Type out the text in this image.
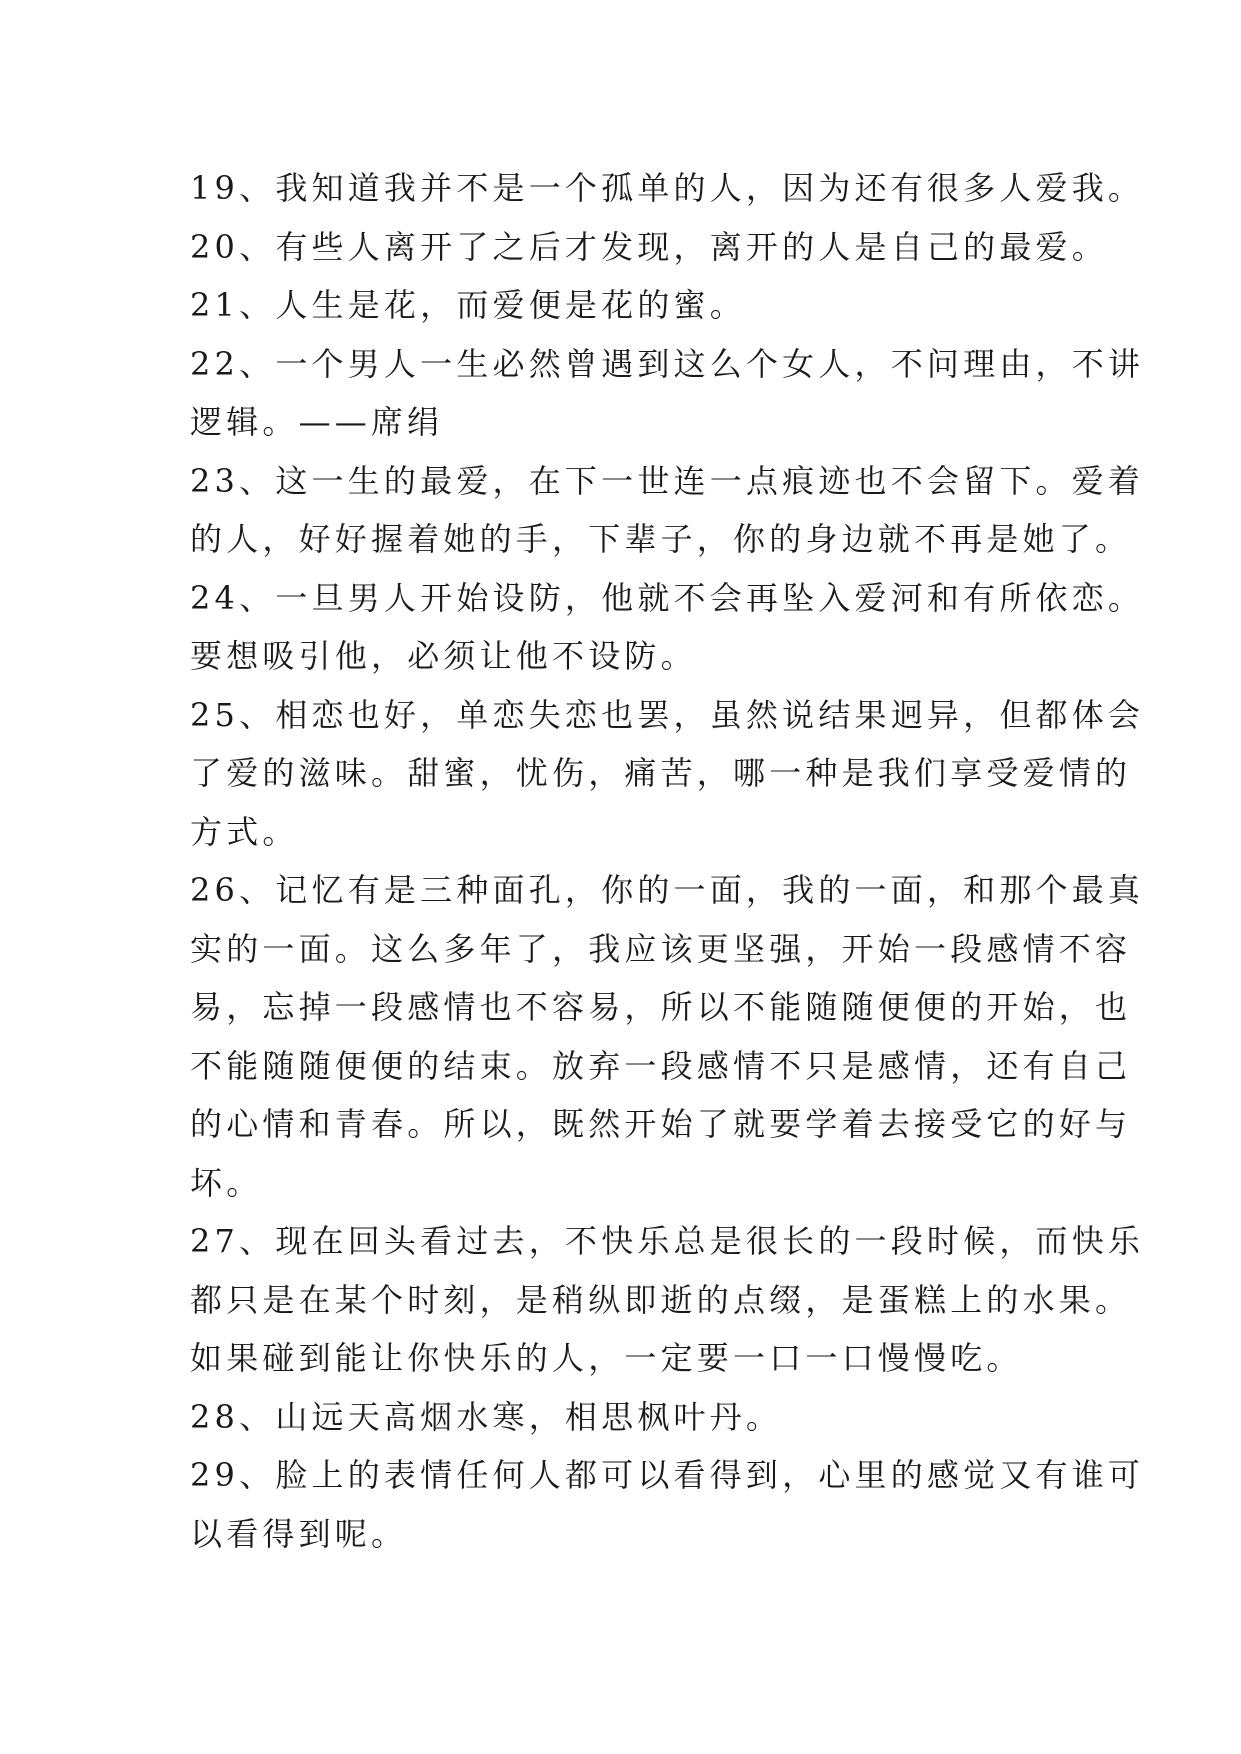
19、我知道我并不是一个孤单的人，因为还有很多人爱我。
20、有些人离开了之后才发现，离开的人是自己的最爱。
21、人生是花，而爱便是花的蜜。
22、一个男人一生必然曾遇到这么个女人，不问理由，不讲
逻辑。——席绢
23、这一生的最爱，在下一世连一点痕迹也不会留下。爱着
的人，好好握着她的手，下辈子，你的身边就不再是她了。
24、一旦男人开始设防，他就不会再坠入爱河和有所依恋。
要想吸引他，必须让他不设防。
25、相恋也好，单恋失恋也罢，虽然说结果迥异，但都体会
了爱的滋味。甜蜜，忧伤，痛苦，哪一种是我们享受爱情的
方式。
26、记忆有是三种面孔，你的一面，我的一面，和那个最真
实的一面。这么多年了，我应该更坚强，开始一段感情不容
易，忘掉一段感情也不容易，所以不能随随便便的开始，也
不能随随便便的结束。放弃一段感情不只是感情，还有自己
的心情和青春。所以，既然开始了就要学着去接受它的好与
坏。
27、现在回头看过去，不快乐总是很长的一段时候，而快乐
都只是在某个时刻，是稍纵即逝的点缀，是蛋糕上的水果。
如果碰到能让你快乐的人，一定要一口一口慢慢吃。
28、山远天高烟水寒，相思枫叶丹。
29、脸上的表情任何人都可以看得到，心里的感觉又有谁可
以看得到呢。
